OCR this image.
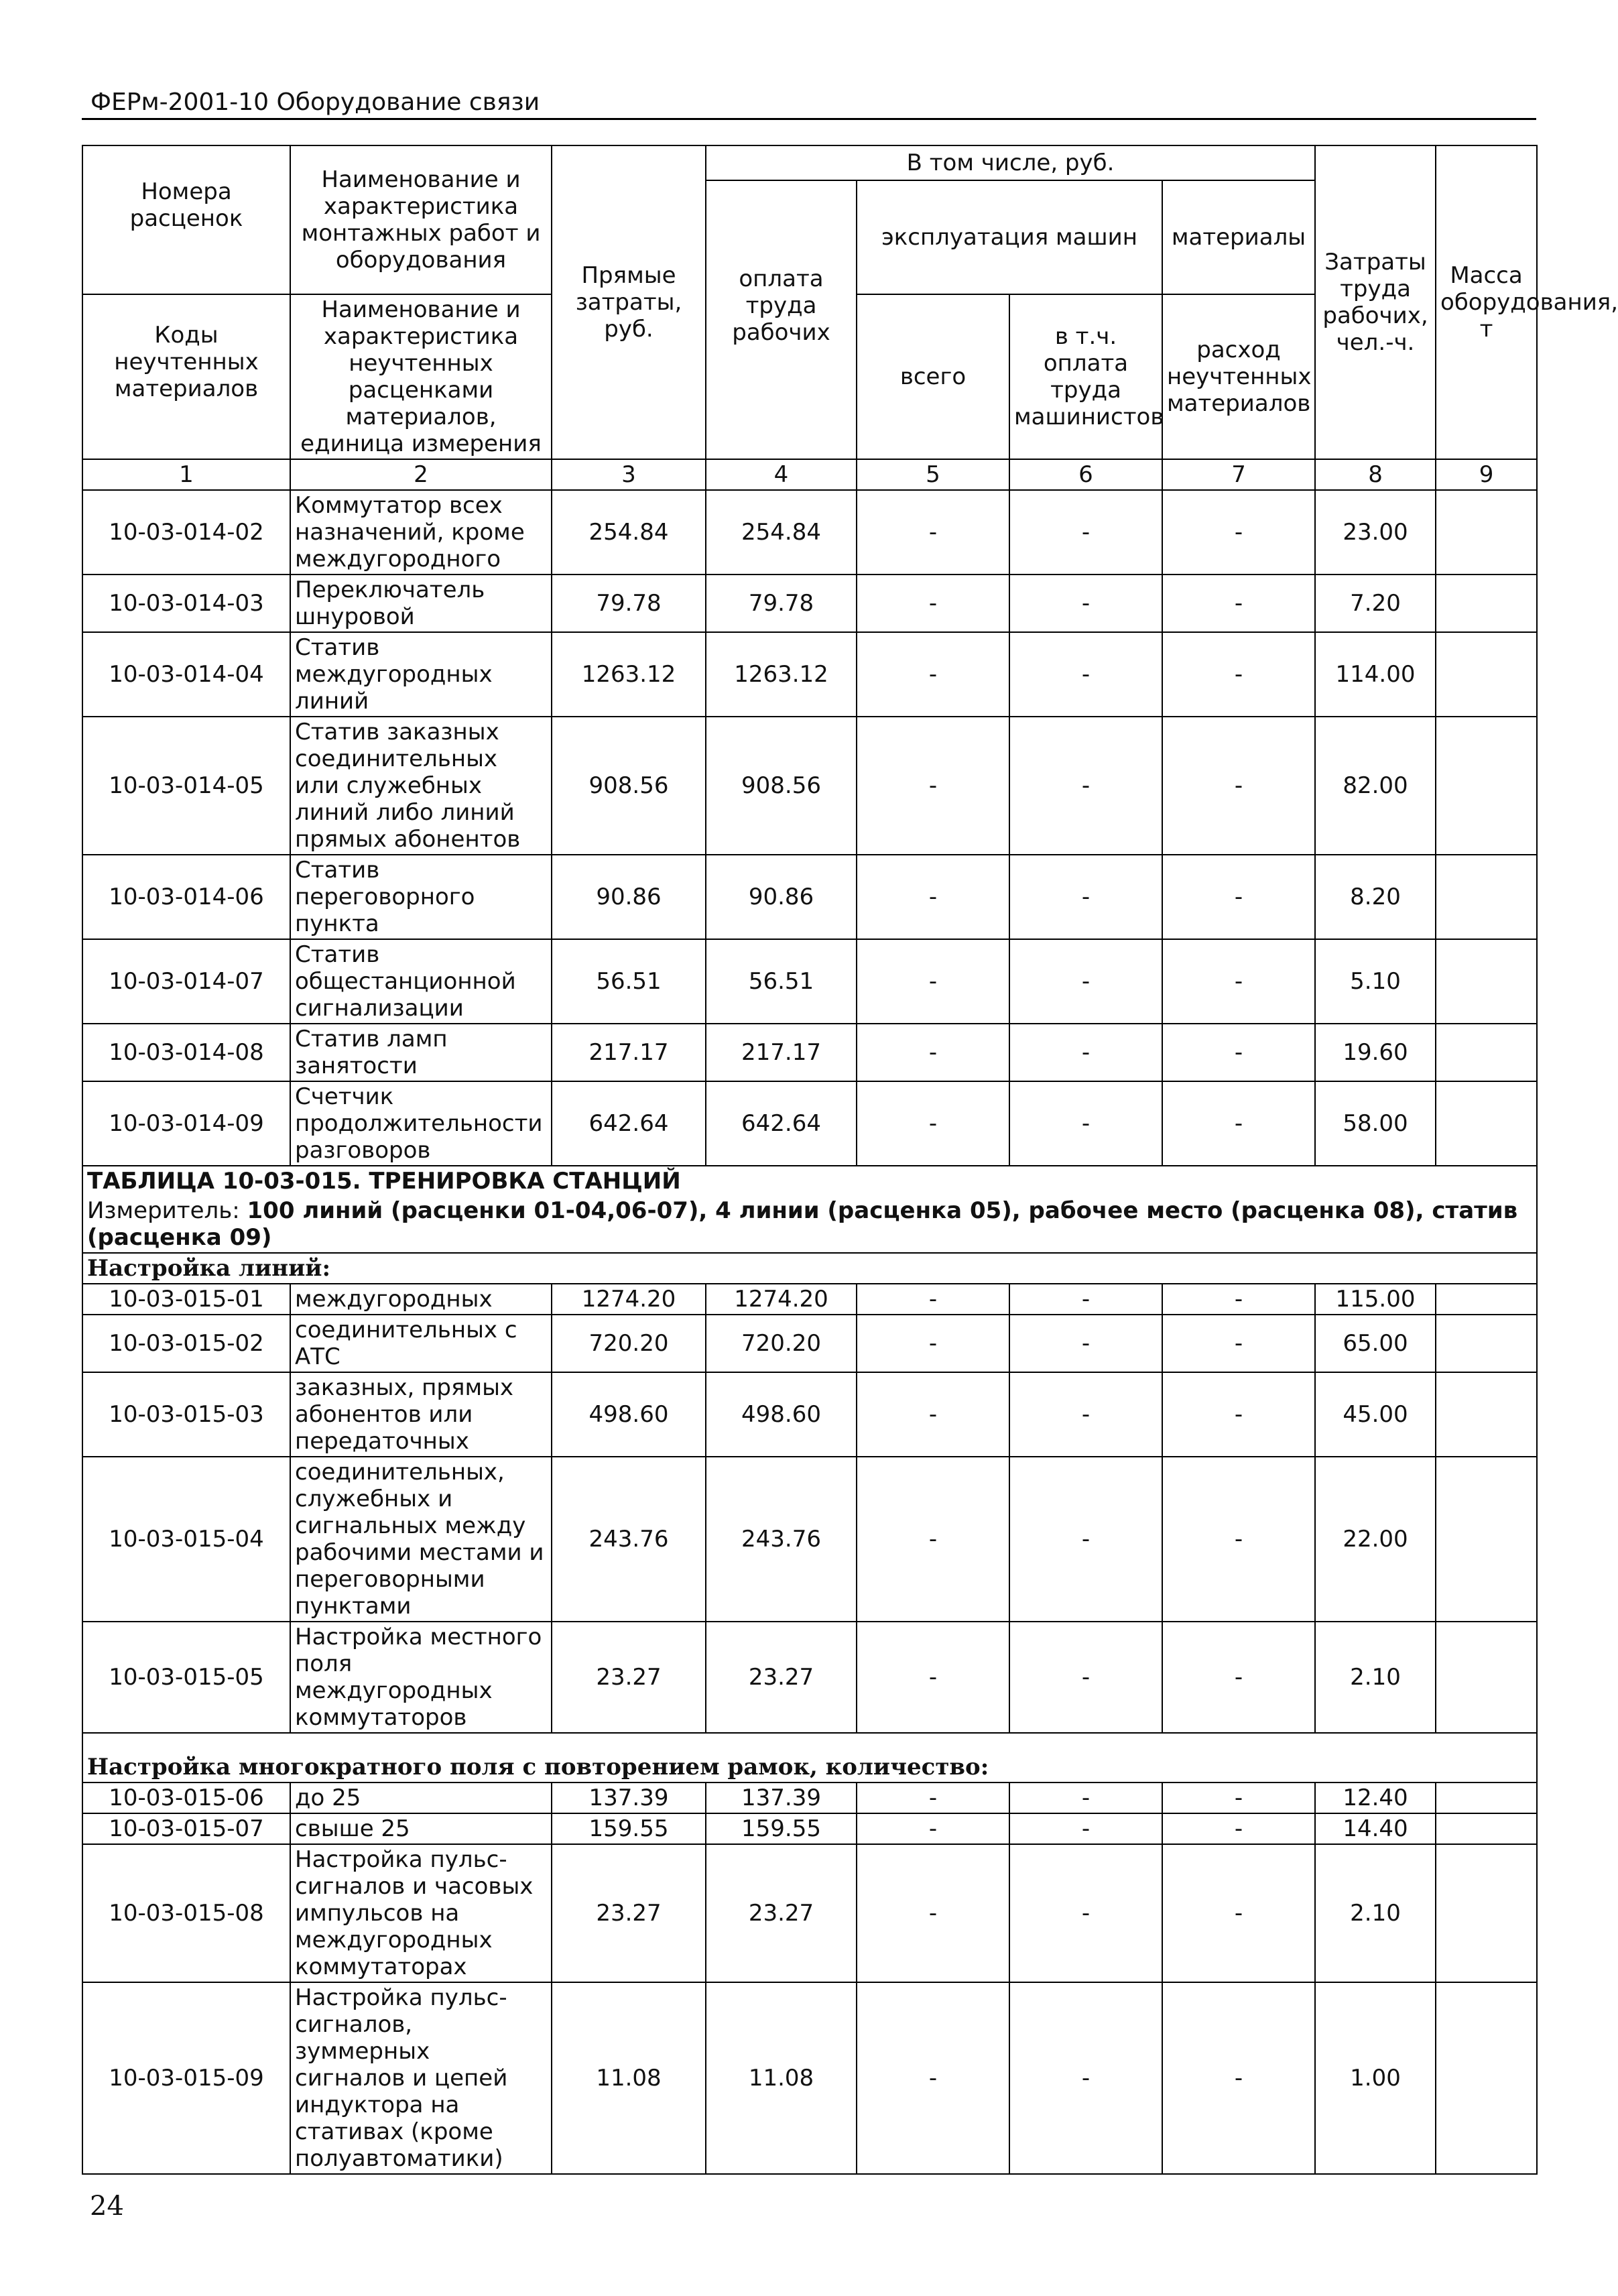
ФЕРм-2001-10 Оборудование связи
Номера расценок	Наименование и характеристика монтажных работ и оборудования	Прямые затраты, руб.	В том числе, руб.				Затраты труда рабочих, чел.-ч.	Масса оборудования, т
			оплата труда рабочих	эксплуатация машин		материалы		
Коды неучтенных материалов	Наименование и характеристика неучтенных расценками материалов, единица измерения			всего	в т.ч. оплата труда машинистов	расход неучтенных материалов		

1	2	3	4	5	6	7	8	9
10-03-014-02	Коммутатор всех назначений, кроме междугородного	254.84	254.84	-	-	-	23.00	
10-03-014-03	Переключатель шнуровой	79.78	79.78	-	-	-	7.20	
10-03-014-04	Статив междугородных линий	1263.12	1263.12	-	-	-	114.00	
10-03-014-05	Статив заказных соединительных или служебных линий либо линий прямых абонентов	908.56	908.56	-	-	-	82.00	
10-03-014-06	Статив переговорного пункта	90.86	90.86	-	-	-	8.20	
10-03-014-07	Статив общестанционной сигнализации	56.51	56.51	-	-	-	5.10	
10-03-014-08	Статив ламп занятости	217.17	217.17	-	-	-	19.60	
10-03-014-09	Счетчик продолжительности разговоров	642.64	642.64	-	-	-	58.00	
ТАБЛИЦА 10-03-015. ТРЕНИРОВКА СТАНЦИЙ								
Измеритель: 100 линий (расценки 01-04,06-07), 4 линии (расценка 05), рабочее место (расценка 08), статив (расценка 09)								
Настройка линий:								
10-03-015-01	междугородных	1274.20	1274.20	-	-	-	115.00	
10-03-015-02	соединительных с АТС	720.20	720.20	-	-	-	65.00	
10-03-015-03	заказных, прямых абонентов или передаточных	498.60	498.60	-	-	-	45.00	
10-03-015-04	соединительных, служебных и сигнальных между рабочими местами и переговорными пунктами	243.76	243.76	-	-	-	22.00	
10-03-015-05	Настройка местного поля междугородных коммутаторов	23.27	23.27	-	-	-	2.10	
Настройка многократного поля с повторением рамок, количество:								
10-03-015-06	до 25	137.39	137.39	-	-	-	12.40	
10-03-015-07	свыше 25	159.55	159.55	-	-	-	14.40	
10-03-015-08	Настройка пульс-сигналов и часовых импульсов на междугородных коммутаторах	23.27	23.27	-	-	-	2.10	
10-03-015-09	Настройка пульс-сигналов, зуммерных сигналов и цепей индуктора на стативах (кроме полуавтоматики)	11.08	11.08	-	-	-	1.00	
24
